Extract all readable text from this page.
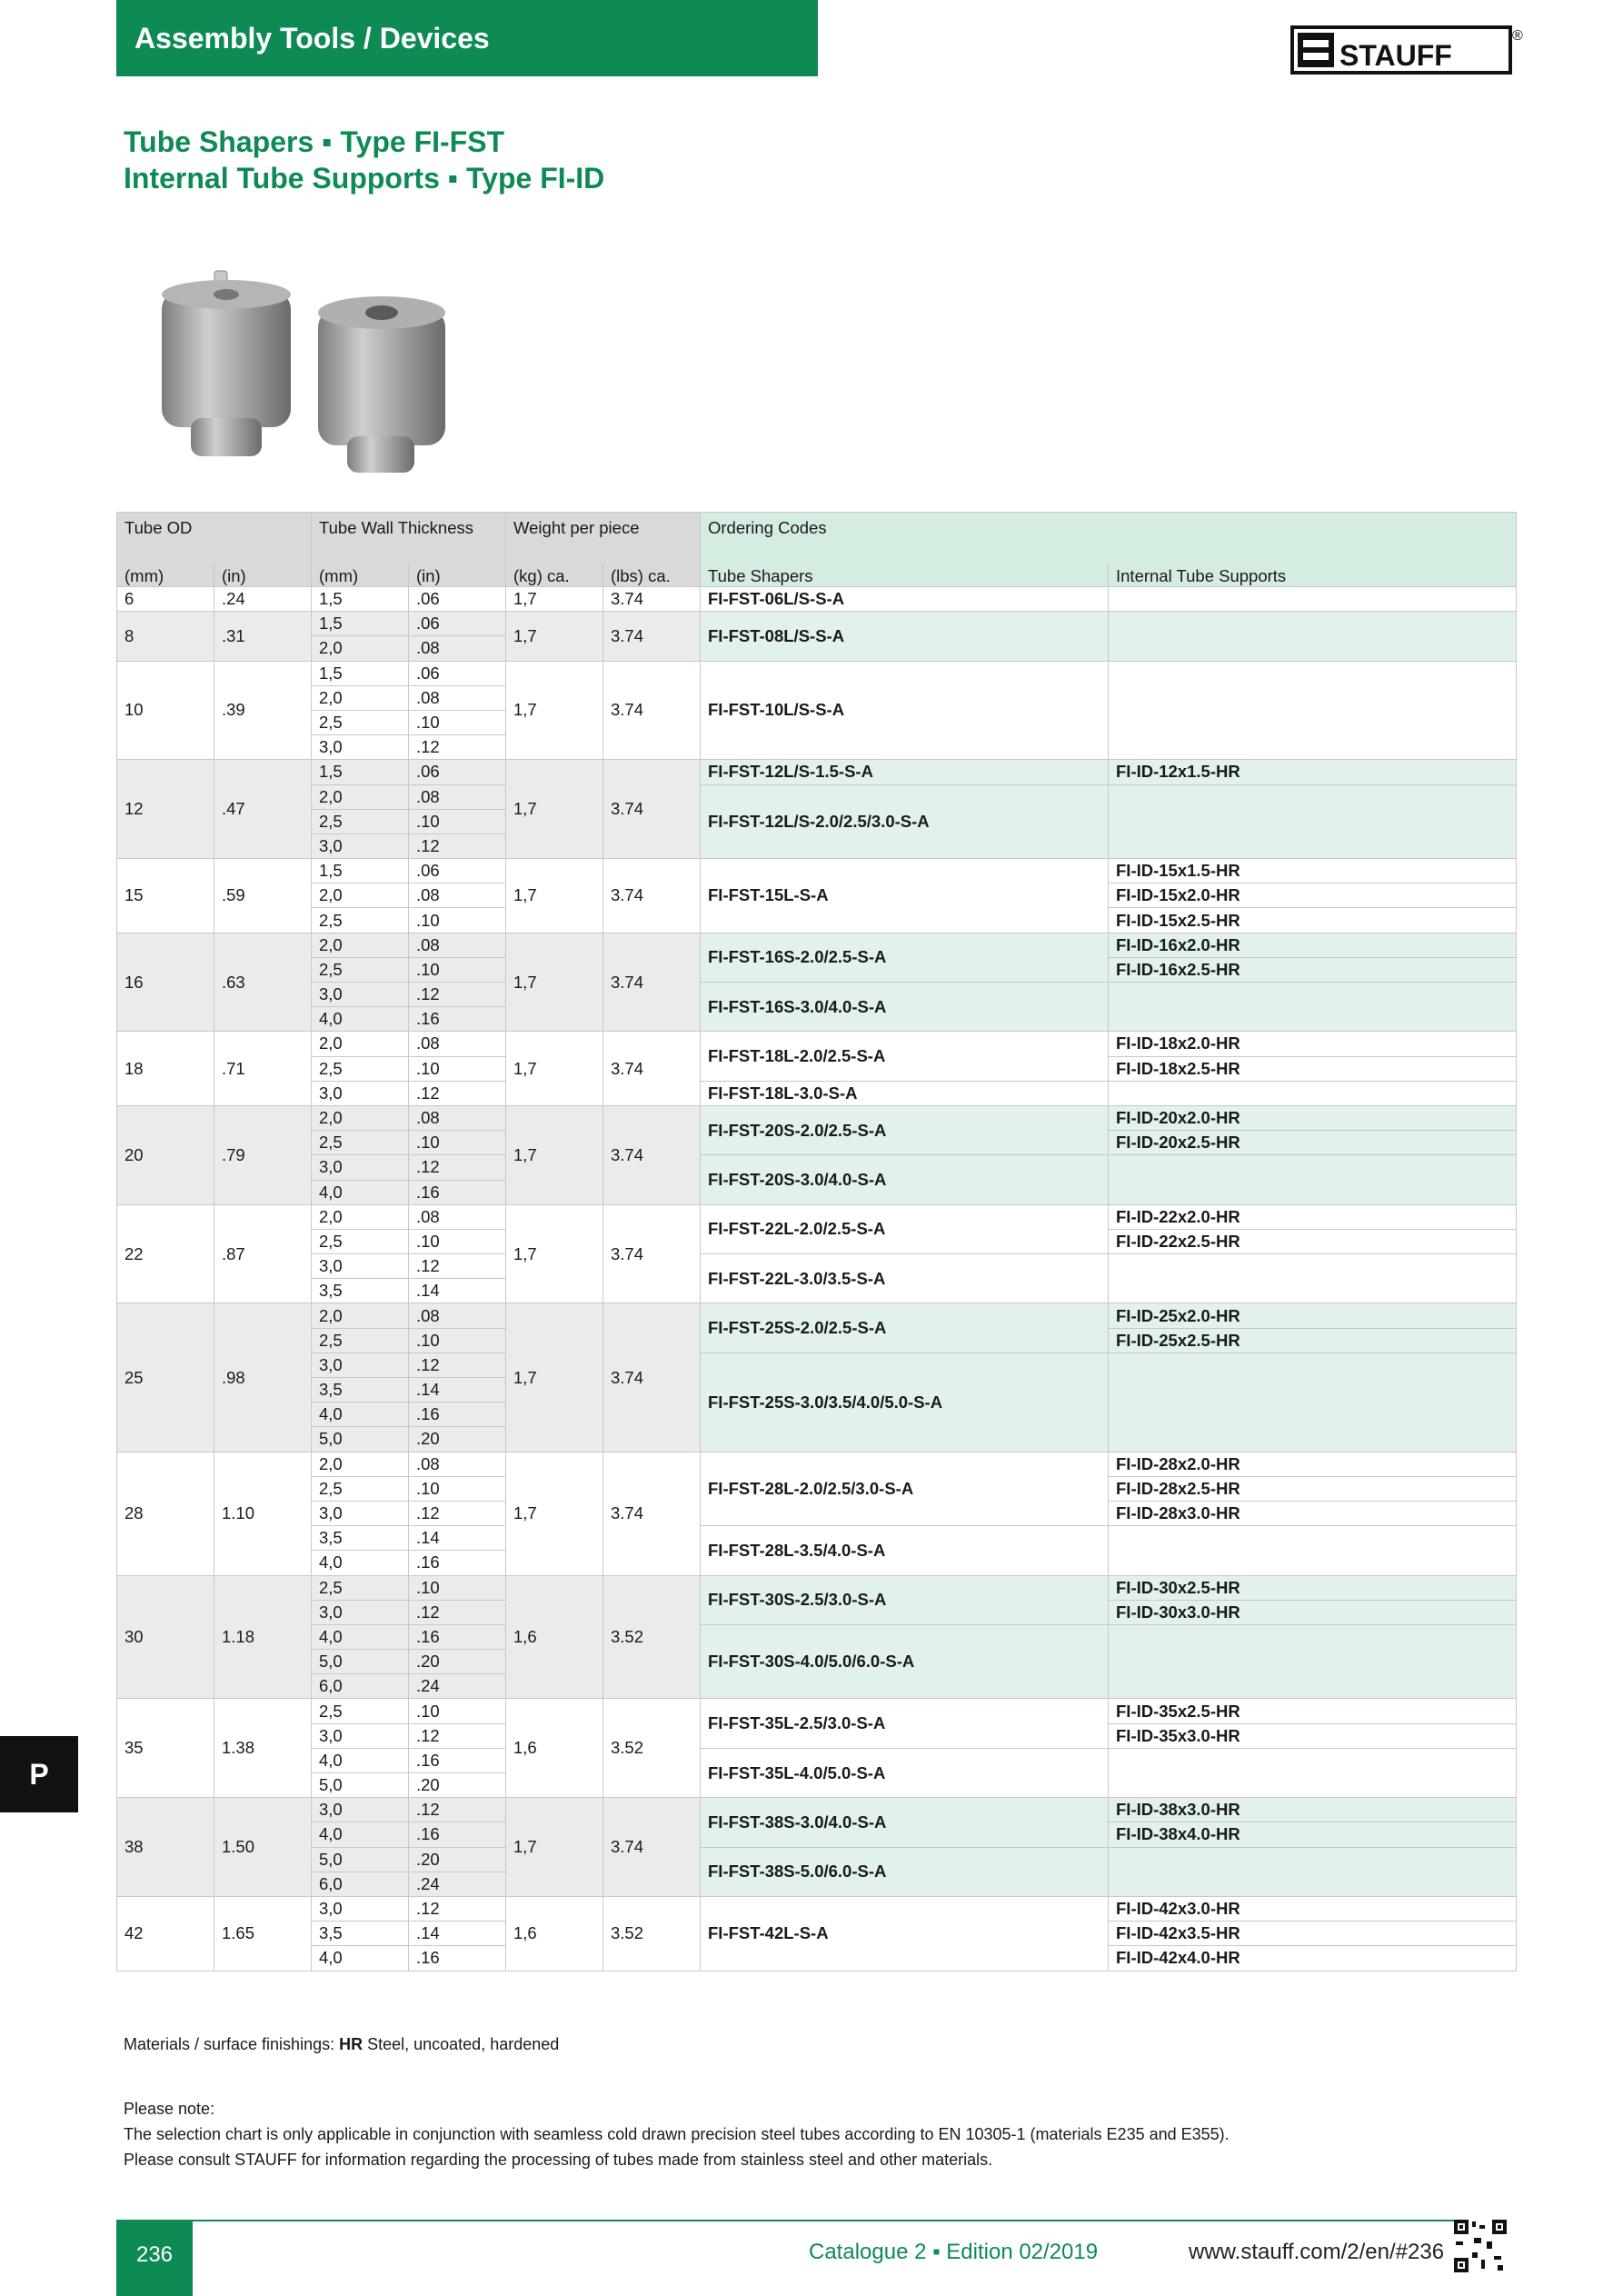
Assembly Tools / Devices
STAUFF
®
Tube Shapers ▪ Type FI-FST
Internal Tube Supports ▪ Type FI-ID
Tube OD		Tube Wall Thickness		Weight per piece		Ordering Codes	
(mm)	(in)	(mm)	(in)	(kg) ca.	(lbs) ca.	Tube Shapers	Internal Tube Supports
6	.24	1,5	.06	1,7	3.74	FI-FST-06L/S-S-A	
8	.31	1,5	.06	1,7	3.74	FI-FST-08L/S-S-A	
		2,0	.08				
10	.39	1,5	.06	1,7	3.74	FI-FST-10L/S-S-A	
		2,0	.08				
		2,5	.10				
		3,0	.12				
12	.47	1,5	.06	1,7	3.74	FI-FST-12L/S-1.5-S-A	FI-ID-12x1.5-HR
		2,0	.08			FI-FST-12L/S-2.0/2.5/3.0-S-A	
		2,5	.10				
		3,0	.12				
15	.59	1,5	.06	1,7	3.74	FI-FST-15L-S-A	FI-ID-15x1.5-HR
		2,0	.08				FI-ID-15x2.0-HR
		2,5	.10				FI-ID-15x2.5-HR
16	.63	2,0	.08	1,7	3.74	FI-FST-16S-2.0/2.5-S-A	FI-ID-16x2.0-HR
		2,5	.10				FI-ID-16x2.5-HR
		3,0	.12			FI-FST-16S-3.0/4.0-S-A	
		4,0	.16				
18	.71	2,0	.08	1,7	3.74	FI-FST-18L-2.0/2.5-S-A	FI-ID-18x2.0-HR
		2,5	.10				FI-ID-18x2.5-HR
		3,0	.12			FI-FST-18L-3.0-S-A	
20	.79	2,0	.08	1,7	3.74	FI-FST-20S-2.0/2.5-S-A	FI-ID-20x2.0-HR
		2,5	.10				FI-ID-20x2.5-HR
		3,0	.12			FI-FST-20S-3.0/4.0-S-A	
		4,0	.16				
22	.87	2,0	.08	1,7	3.74	FI-FST-22L-2.0/2.5-S-A	FI-ID-22x2.0-HR
		2,5	.10				FI-ID-22x2.5-HR
		3,0	.12			FI-FST-22L-3.0/3.5-S-A	
		3,5	.14				
25	.98	2,0	.08	1,7	3.74	FI-FST-25S-2.0/2.5-S-A	FI-ID-25x2.0-HR
		2,5	.10				FI-ID-25x2.5-HR
		3,0	.12			FI-FST-25S-3.0/3.5/4.0/5.0-S-A	
		3,5	.14				
		4,0	.16				
		5,0	.20				
28	1.10	2,0	.08	1,7	3.74	FI-FST-28L-2.0/2.5/3.0-S-A	FI-ID-28x2.0-HR
		2,5	.10				FI-ID-28x2.5-HR
		3,0	.12				FI-ID-28x3.0-HR
		3,5	.14			FI-FST-28L-3.5/4.0-S-A	
		4,0	.16				
30	1.18	2,5	.10	1,6	3.52	FI-FST-30S-2.5/3.0-S-A	FI-ID-30x2.5-HR
		3,0	.12				FI-ID-30x3.0-HR
		4,0	.16			FI-FST-30S-4.0/5.0/6.0-S-A	
		5,0	.20				
		6,0	.24				
35	1.38	2,5	.10	1,6	3.52	FI-FST-35L-2.5/3.0-S-A	FI-ID-35x2.5-HR
		3,0	.12				FI-ID-35x3.0-HR
		4,0	.16			FI-FST-35L-4.0/5.0-S-A	
		5,0	.20				
38	1.50	3,0	.12	1,7	3.74	FI-FST-38S-3.0/4.0-S-A	FI-ID-38x3.0-HR
		4,0	.16				FI-ID-38x4.0-HR
		5,0	.20			FI-FST-38S-5.0/6.0-S-A	
		6,0	.24				
42	1.65	3,0	.12	1,6	3.52	FI-FST-42L-S-A	FI-ID-42x3.0-HR
		3,5	.14				FI-ID-42x3.5-HR
		4,0	.16				FI-ID-42x4.0-HR
Materials / surface finishings: HR Steel, uncoated, hardened
Please note:
The selection chart is only applicable in conjunction with seamless cold drawn precision steel tubes according to EN 10305-1 (materials E235 and E355).
Please consult STAUFF for information regarding the processing of tubes made from stainless steel and other materials.
P
236	Catalogue 2 ▪ Edition 02/2019	www.stauff.com/2/en/#236
